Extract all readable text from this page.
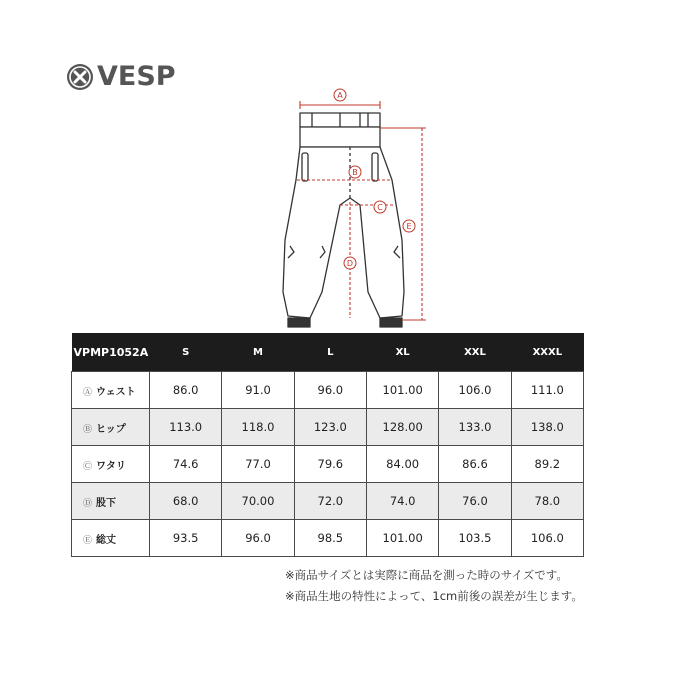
VESP
A
B
C
D
E
VPMP1052A	S	M	L	XL	XXL	XXXL
Ⓐ ウェスト	86.0	91.0	96.0	101.00	106.0	111.0
Ⓑ ヒップ	113.0	118.0	123.0	128.00	133.0	138.0
Ⓒ ワタリ	74.6	77.0	79.6	84.00	86.6	89.2
Ⓓ 股下	68.0	70.00	72.0	74.0	76.0	78.0
Ⓔ 総丈	93.5	96.0	98.5	101.00	103.5	106.0
※商品サイズとは実際に商品を測った時のサイズです。
※商品生地の特性によって、1cm前後の誤差が生じます。
